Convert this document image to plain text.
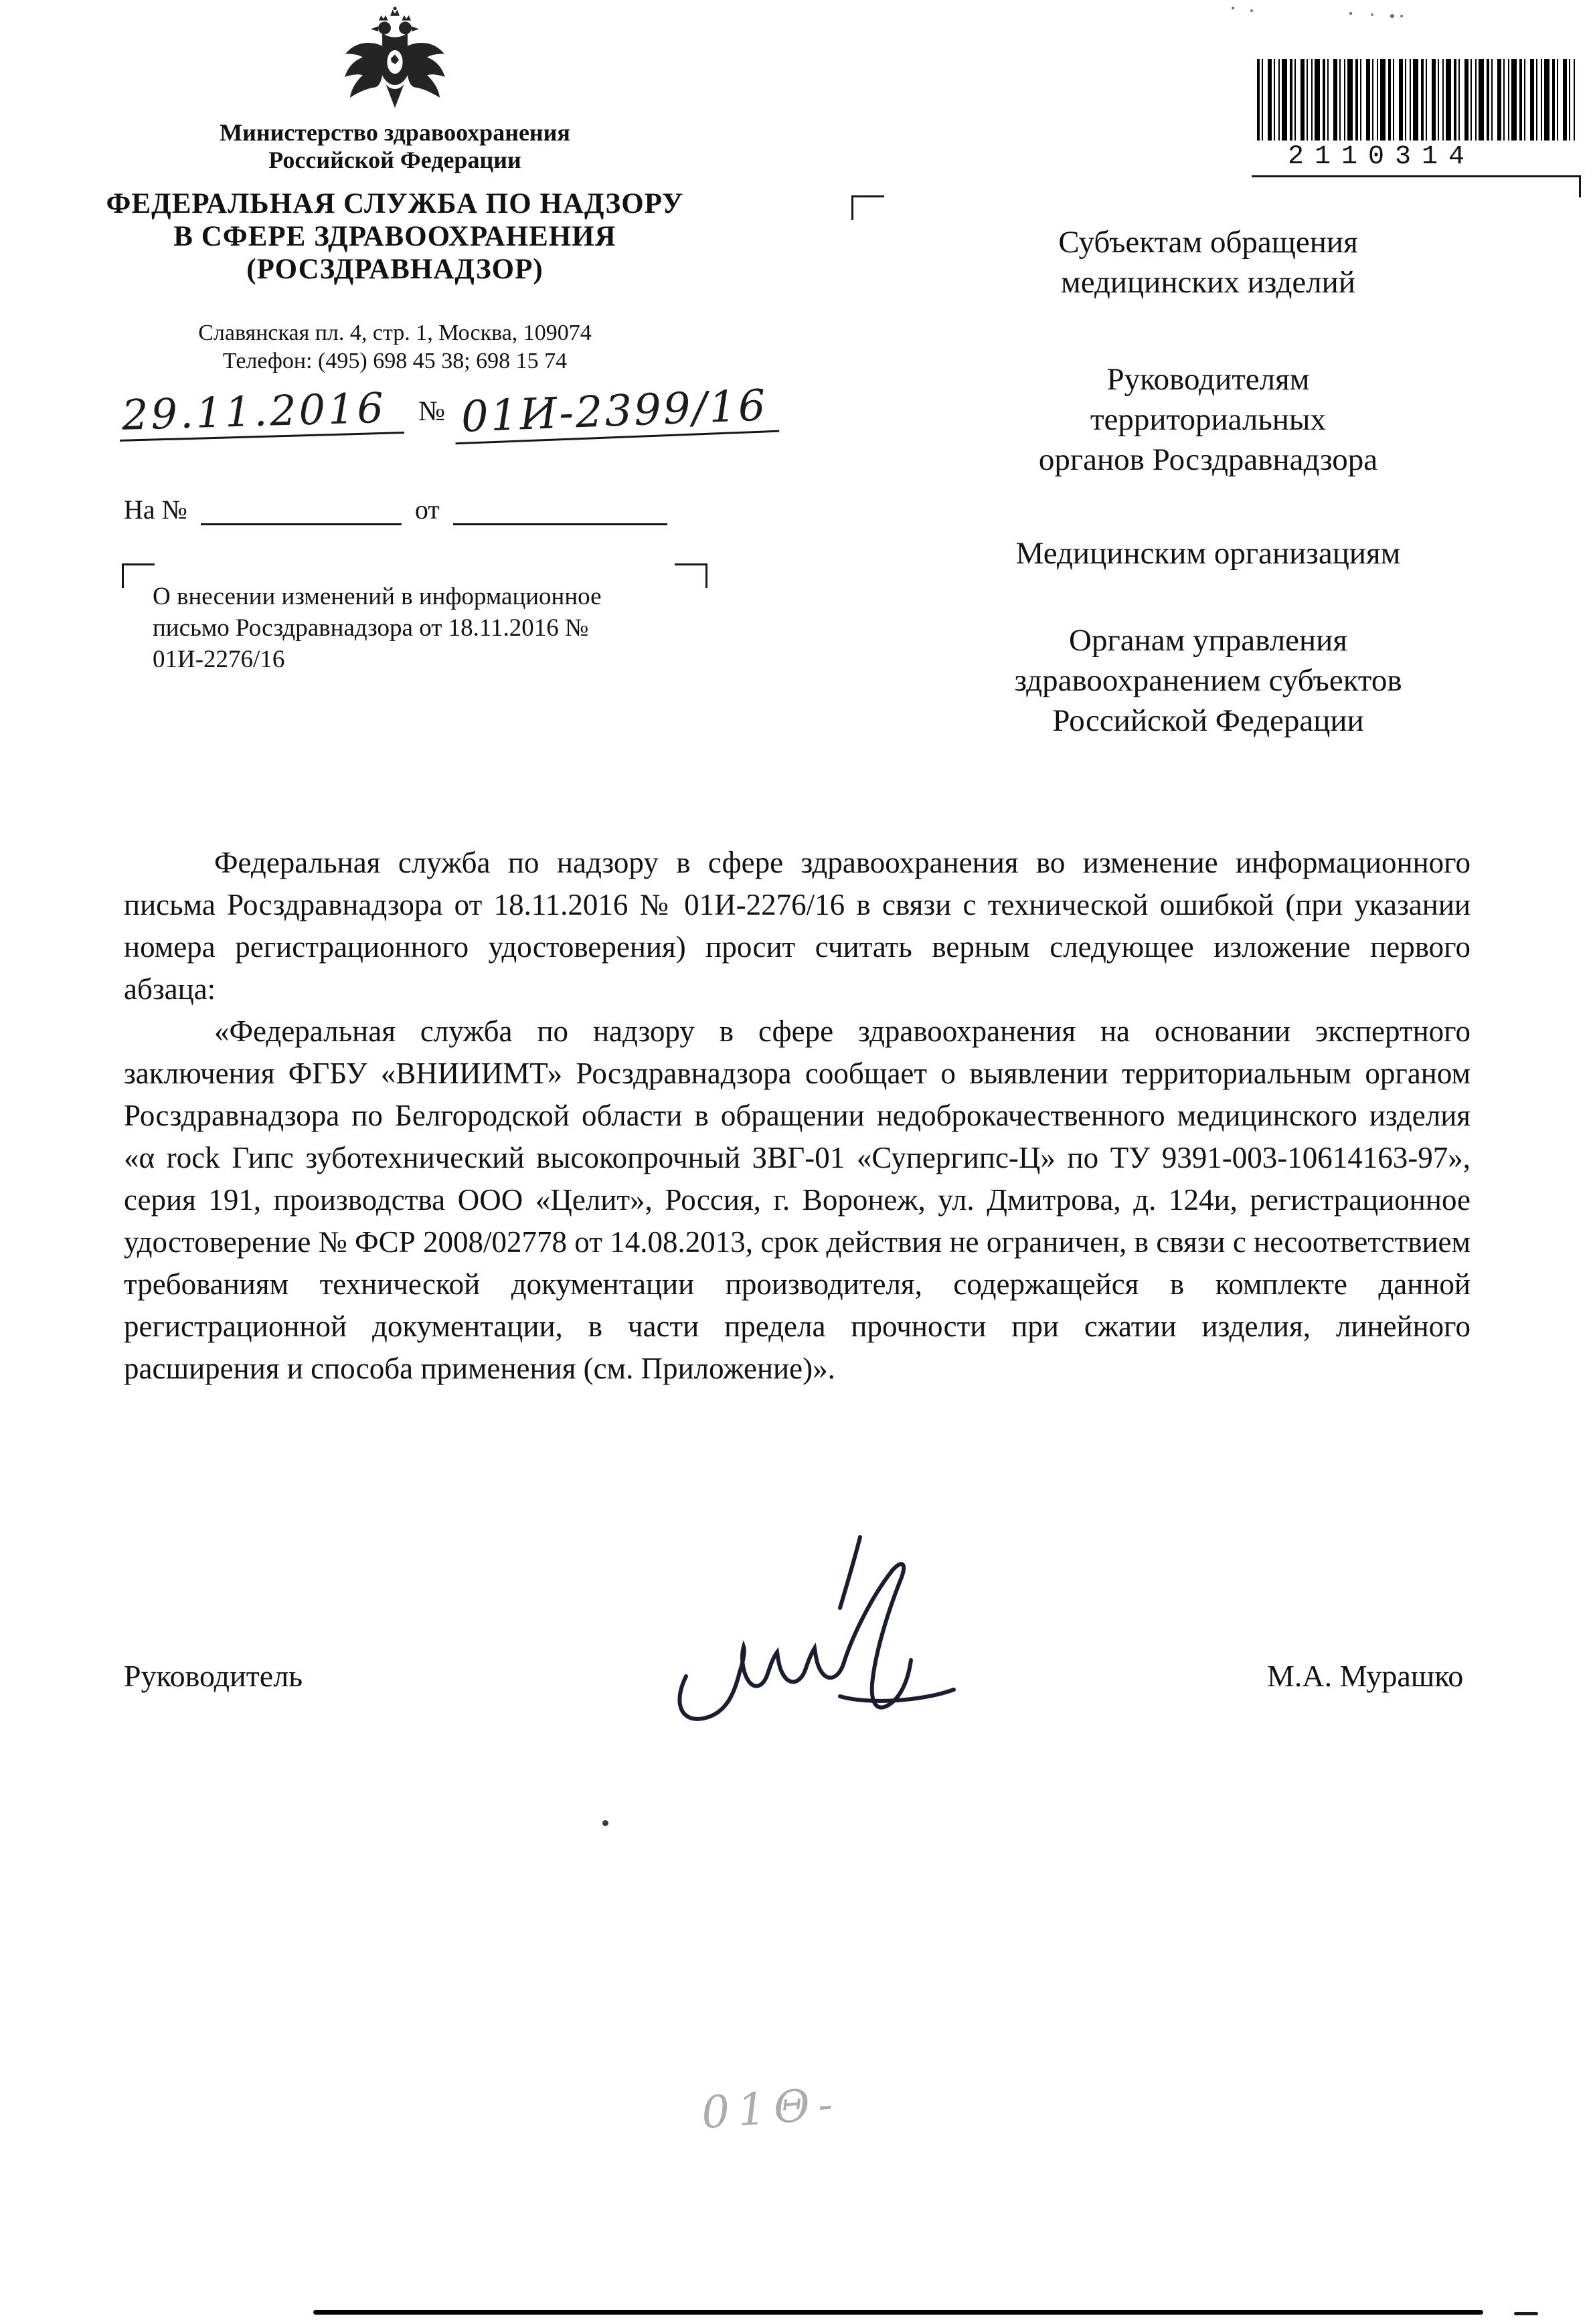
Министерство здравоохранения
Российской Федерации
ФЕДЕРАЛЬНАЯ СЛУЖБА ПО НАДЗОРУ
В СФЕРЕ ЗДРАВООХРАНЕНИЯ
(РОСЗДРАВНАДЗОР)
Славянская пл. 4, стр. 1, Москва, 109074
Телефон: (495) 698 45 38; 698 15 74
29.11.2016 № 01И-2399/16
На №	от
О внесении изменений в информационное письмо Росздравнадзора от 18.11.2016 № 01И-2276/16
2110314
Субъектам обращения
медицинских изделий
Руководителям
территориальных
органов Росздравнадзора
Медицинским организациям
Органам управления
здравоохранением субъектов
Российской Федерации

Федеральная служба по надзору в сфере здравоохранения во изменение информационного письма Росздравнадзора от 18.11.2016 № 01И-2276/16 в связи с технической ошибкой (при указании номера регистрационного удостоверения) просит считать верным следующее изложение первого абзаца:

«Федеральная служба по надзору в сфере здравоохранения на основании экспертного заключения ФГБУ «ВНИИИМТ» Росздравнадзора сообщает о выявлении территориальным органом Росздравнадзора по Белгородской области в обращении недоброкачественного медицинского изделия «α rock Гипс зуботехнический высокопрочный ЗВГ-01 «Супергипс-Ц» по ТУ 9391-003-10614163-97», серия 191, производства ООО «Целит», Россия, г. Воронеж, ул. Дмитрова, д. 124и, регистрационное удостоверение № ФСР 2008/02778 от 14.08.2013, срок действия не ограничен, в связи с несоответствием требованиям технической документации производителя, содержащейся в комплекте данной регистрационной документации, в части предела прочности при сжатии изделия, линейного расширения и способа применения (см. Приложение)».

Руководитель	М.А. Мурашко
01Θ-
